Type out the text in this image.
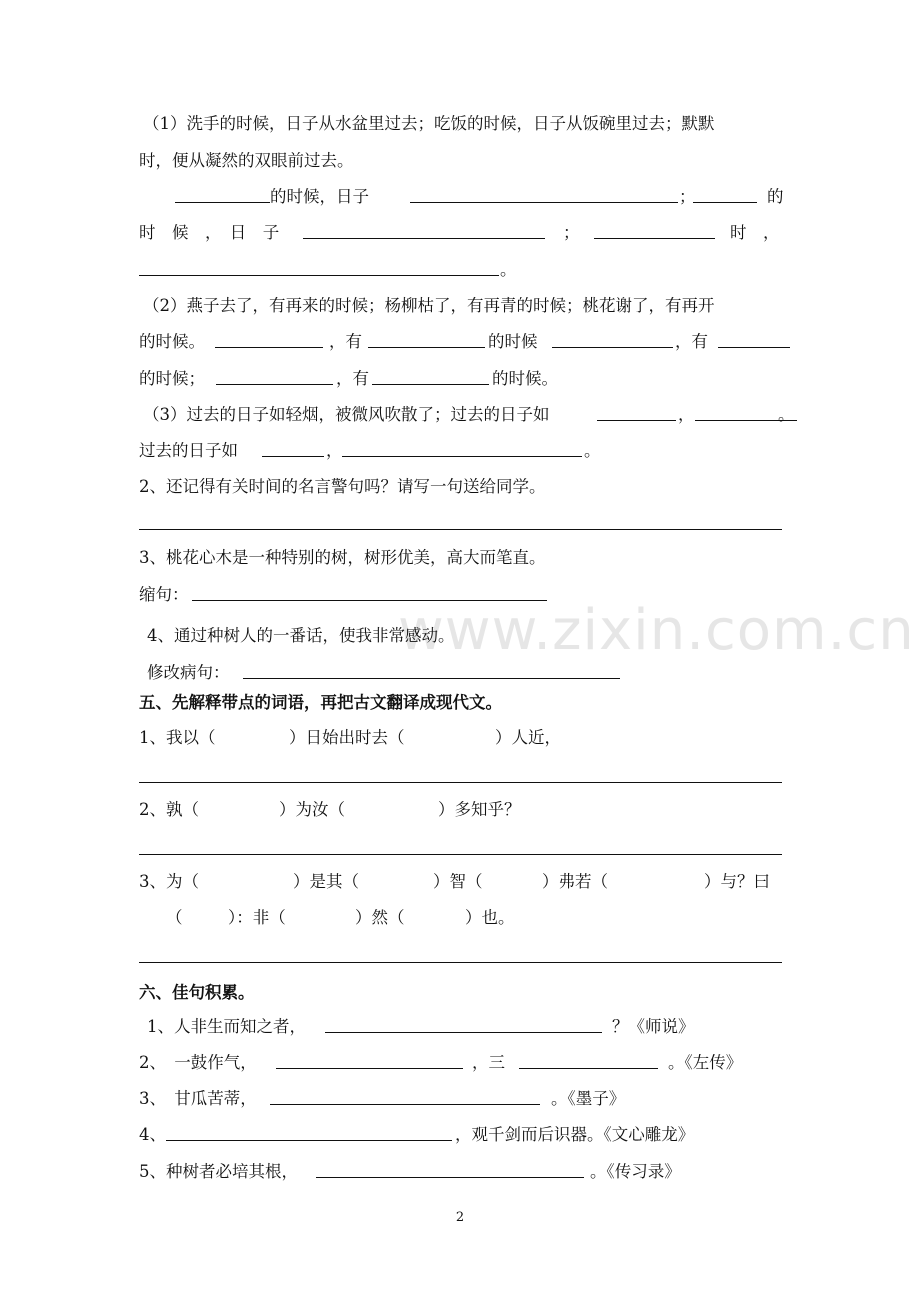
www.zixin.com.cn
（1）洗手的时候，日子从水盆里过去；吃饭的时候，日子从饭碗里过去；默默
时，便从凝然的双眼前过去。
的时候，日子	；	的
时　候　，　日　子	；	时　，
。
（2）燕子去了，有再来的时候；杨柳枯了，有再青的时候；桃花谢了，有再开
的时候。	，有	的时候	，有
的时候；	，有	的时候。
（3）过去的日子如轻烟，被微风吹散了；过去的日子如	，	。
过去的日子如	，	。
2、还记得有关时间的名言警句吗？请写一句送给同学。
3、桃花心木是一种特别的树，树形优美，高大而笔直。
缩句：
4、通过种树人的一番话，使我非常感动。
修改病句：
五、先解释带点的词语，再把古文翻译成现代文。
1、我以（	）日始出时去（	）人近，
2、孰（	）为汝（	）多知乎？
3、为（	）是其（	）智（	）弗若（	）与？曰
（	）：非（	）然（	）也。
六、佳句积累。
1、人非生而知之者，	？《师说》
2、　一鼓作气，	，三	。《左传》
3、　甘瓜苦蒂，	。《墨子》
4、	，观千剑而后识器。《文心雕龙》
5、种树者必培其根，	。《传习录》
2
